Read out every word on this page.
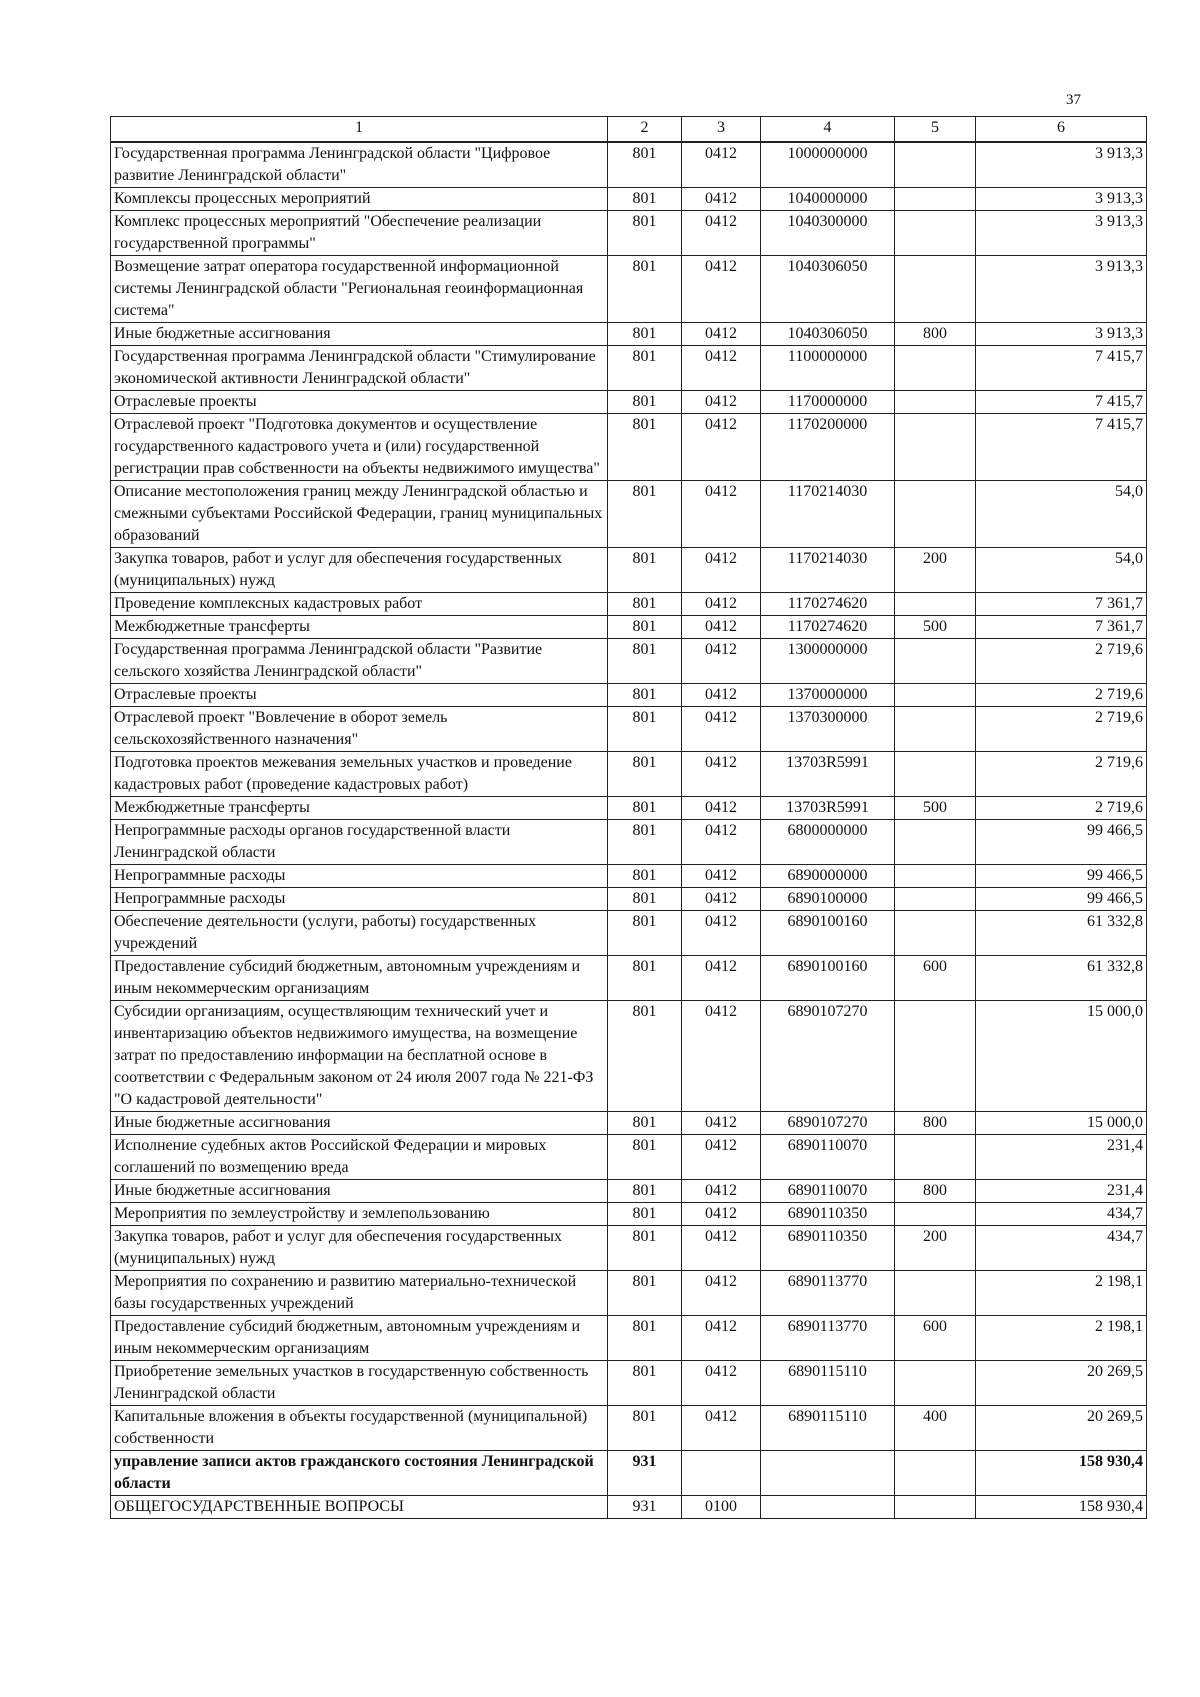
37
1	2	3	4	5	6
Государственная программа Ленинградской области "Цифровое развитие Ленинградской области"	801	0412	1000000000		3 913,3
Комплексы процессных мероприятий	801	0412	1040000000		3 913,3
Комплекс процессных мероприятий "Обеспечение реализации государственной программы"	801	0412	1040300000		3 913,3
Возмещение затрат оператора государственной информационной системы Ленинградской области "Региональная геоинформационная система"	801	0412	1040306050		3 913,3
Иные бюджетные ассигнования	801	0412	1040306050	800	3 913,3
Государственная программа Ленинградской области "Стимулирование экономической активности Ленинградской области"	801	0412	1100000000		7 415,7
Отраслевые проекты	801	0412	1170000000		7 415,7
Отраслевой проект "Подготовка документов и осуществление государственного кадастрового учета и (или) государственной регистрации прав собственности на объекты недвижимого имущества"	801	0412	1170200000		7 415,7
Описание местоположения границ между Ленинградской областью и смежными субъектами Российской Федерации, границ муниципальных образований	801	0412	1170214030		54,0
Закупка товаров, работ и услуг для обеспечения государственных (муниципальных) нужд	801	0412	1170214030	200	54,0
Проведение комплексных кадастровых работ	801	0412	1170274620		7 361,7
Межбюджетные трансферты	801	0412	1170274620	500	7 361,7
Государственная программа Ленинградской области "Развитие сельского хозяйства Ленинградской области"	801	0412	1300000000		2 719,6
Отраслевые проекты	801	0412	1370000000		2 719,6
Отраслевой проект "Вовлечение в оборот земель сельскохозяйственного назначения"	801	0412	1370300000		2 719,6
Подготовка проектов межевания земельных участков и проведение кадастровых работ (проведение кадастровых работ)	801	0412	13703R5991		2 719,6
Межбюджетные трансферты	801	0412	13703R5991	500	2 719,6
Непрограммные расходы органов государственной власти Ленинградской области	801	0412	6800000000		99 466,5
Непрограммные расходы	801	0412	6890000000		99 466,5
Непрограммные расходы	801	0412	6890100000		99 466,5
Обеспечение деятельности (услуги, работы) государственных учреждений	801	0412	6890100160		61 332,8
Предоставление субсидий бюджетным, автономным учреждениям и иным некоммерческим организациям	801	0412	6890100160	600	61 332,8
Субсидии организациям, осуществляющим технический учет и инвентаризацию объектов недвижимого имущества, на возмещение затрат по предоставлению информации на бесплатной основе в соответствии с Федеральным законом от 24 июля 2007 года № 221-ФЗ "О кадастровой деятельности"	801	0412	6890107270		15 000,0
Иные бюджетные ассигнования	801	0412	6890107270	800	15 000,0
Исполнение судебных актов Российской Федерации и мировых соглашений по возмещению вреда	801	0412	6890110070		231,4
Иные бюджетные ассигнования	801	0412	6890110070	800	231,4
Мероприятия по землеустройству и землепользованию	801	0412	6890110350		434,7
Закупка товаров, работ и услуг для обеспечения государственных (муниципальных) нужд	801	0412	6890110350	200	434,7
Мероприятия по сохранению и развитию материально-технической базы государственных учреждений	801	0412	6890113770		2 198,1
Предоставление субсидий бюджетным, автономным учреждениям и иным некоммерческим организациям	801	0412	6890113770	600	2 198,1
Приобретение земельных участков в государственную собственность Ленинградской области	801	0412	6890115110		20 269,5
Капитальные вложения в объекты государственной (муниципальной) собственности	801	0412	6890115110	400	20 269,5
управление записи актов гражданского состояния Ленинградской области	931				158 930,4
ОБЩЕГОСУДАРСТВЕННЫЕ ВОПРОСЫ	931	0100			158 930,4
